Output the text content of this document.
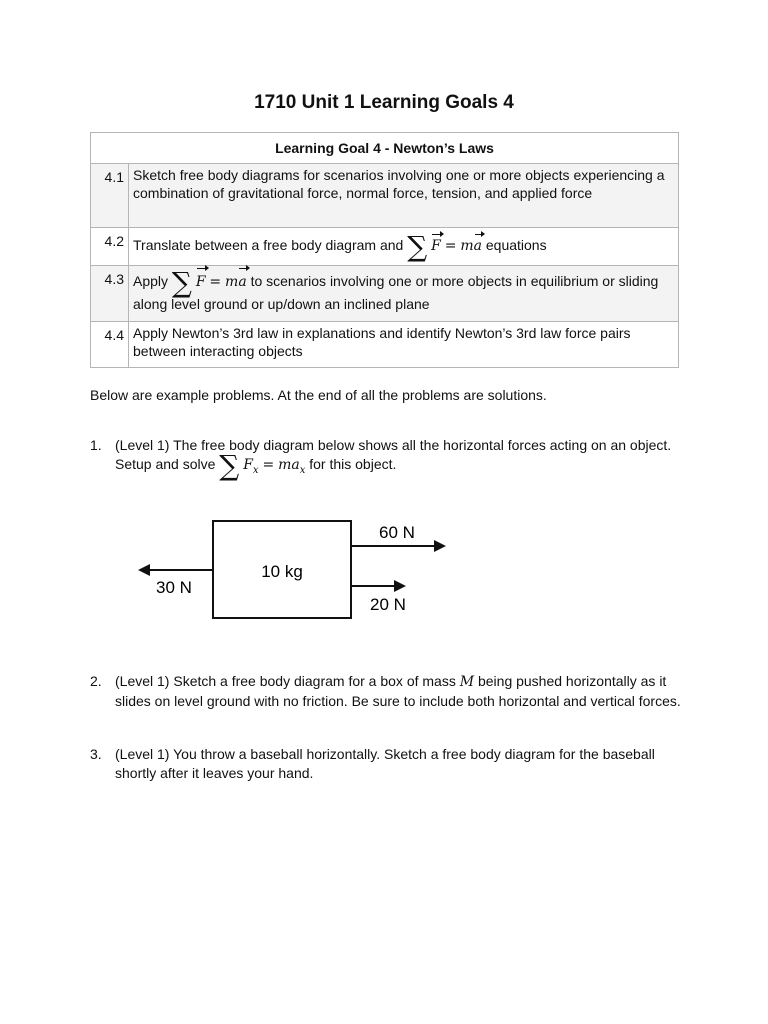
1710 Unit 1 Learning Goals 4
Learning Goal 4 - Newton’s Laws	
4.1	Sketch free body diagrams for scenarios involving one or more objects experiencing a combination of gravitational force, normal force, tension, and applied force
4.2	Translate between a free body diagram and ∑ F = ma equations
4.3	Apply ∑ F = ma to scenarios involving one or more objects in equilibrium or sliding along level ground or up/down an inclined plane
4.4	Apply Newton’s 3rd law in explanations and identify Newton’s 3rd law force pairs between interacting objects
Below are example problems. At the end of all the problems are solutions.
1. (Level 1) The free body diagram below shows all the horizontal forces acting on an object. Setup and solve ∑ $F_x = ma_x$ for this object.
10 kg
30 N
60 N
20 N
2. (Level 1) Sketch a free body diagram for a box of mass M being pushed horizontally as it slides on level ground with no friction. Be sure to include both horizontal and vertical forces.
3. (Level 1) You throw a baseball horizontally. Sketch a free body diagram for the baseball shortly after it leaves your hand.
